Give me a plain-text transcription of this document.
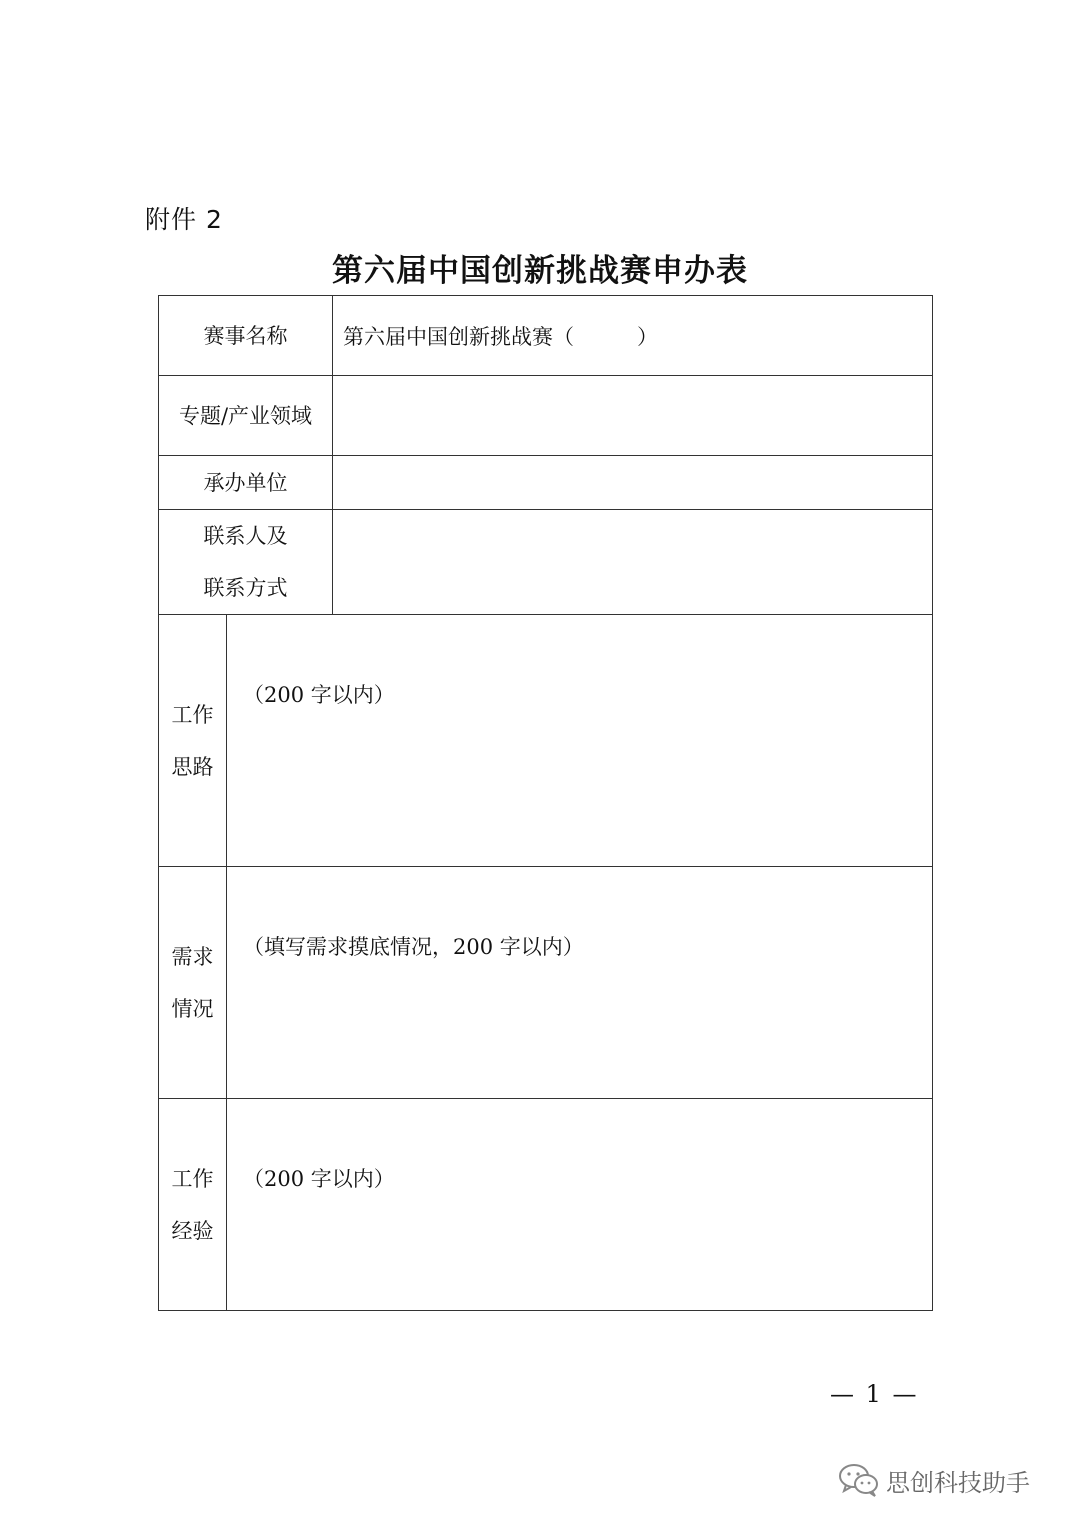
附件 2
第六届中国创新挑战赛申办表
赛事名称		第六届中国创新挑战赛（　　　）
专题/产业领域		
承办单位		

联系人及
联系方式		

工作
思路	（200 字以内）	

需求
情况	（填写需求摸底情况，200 字以内）	

工作
经验	（200 字以内）	
— 1 —
思创科技助手
